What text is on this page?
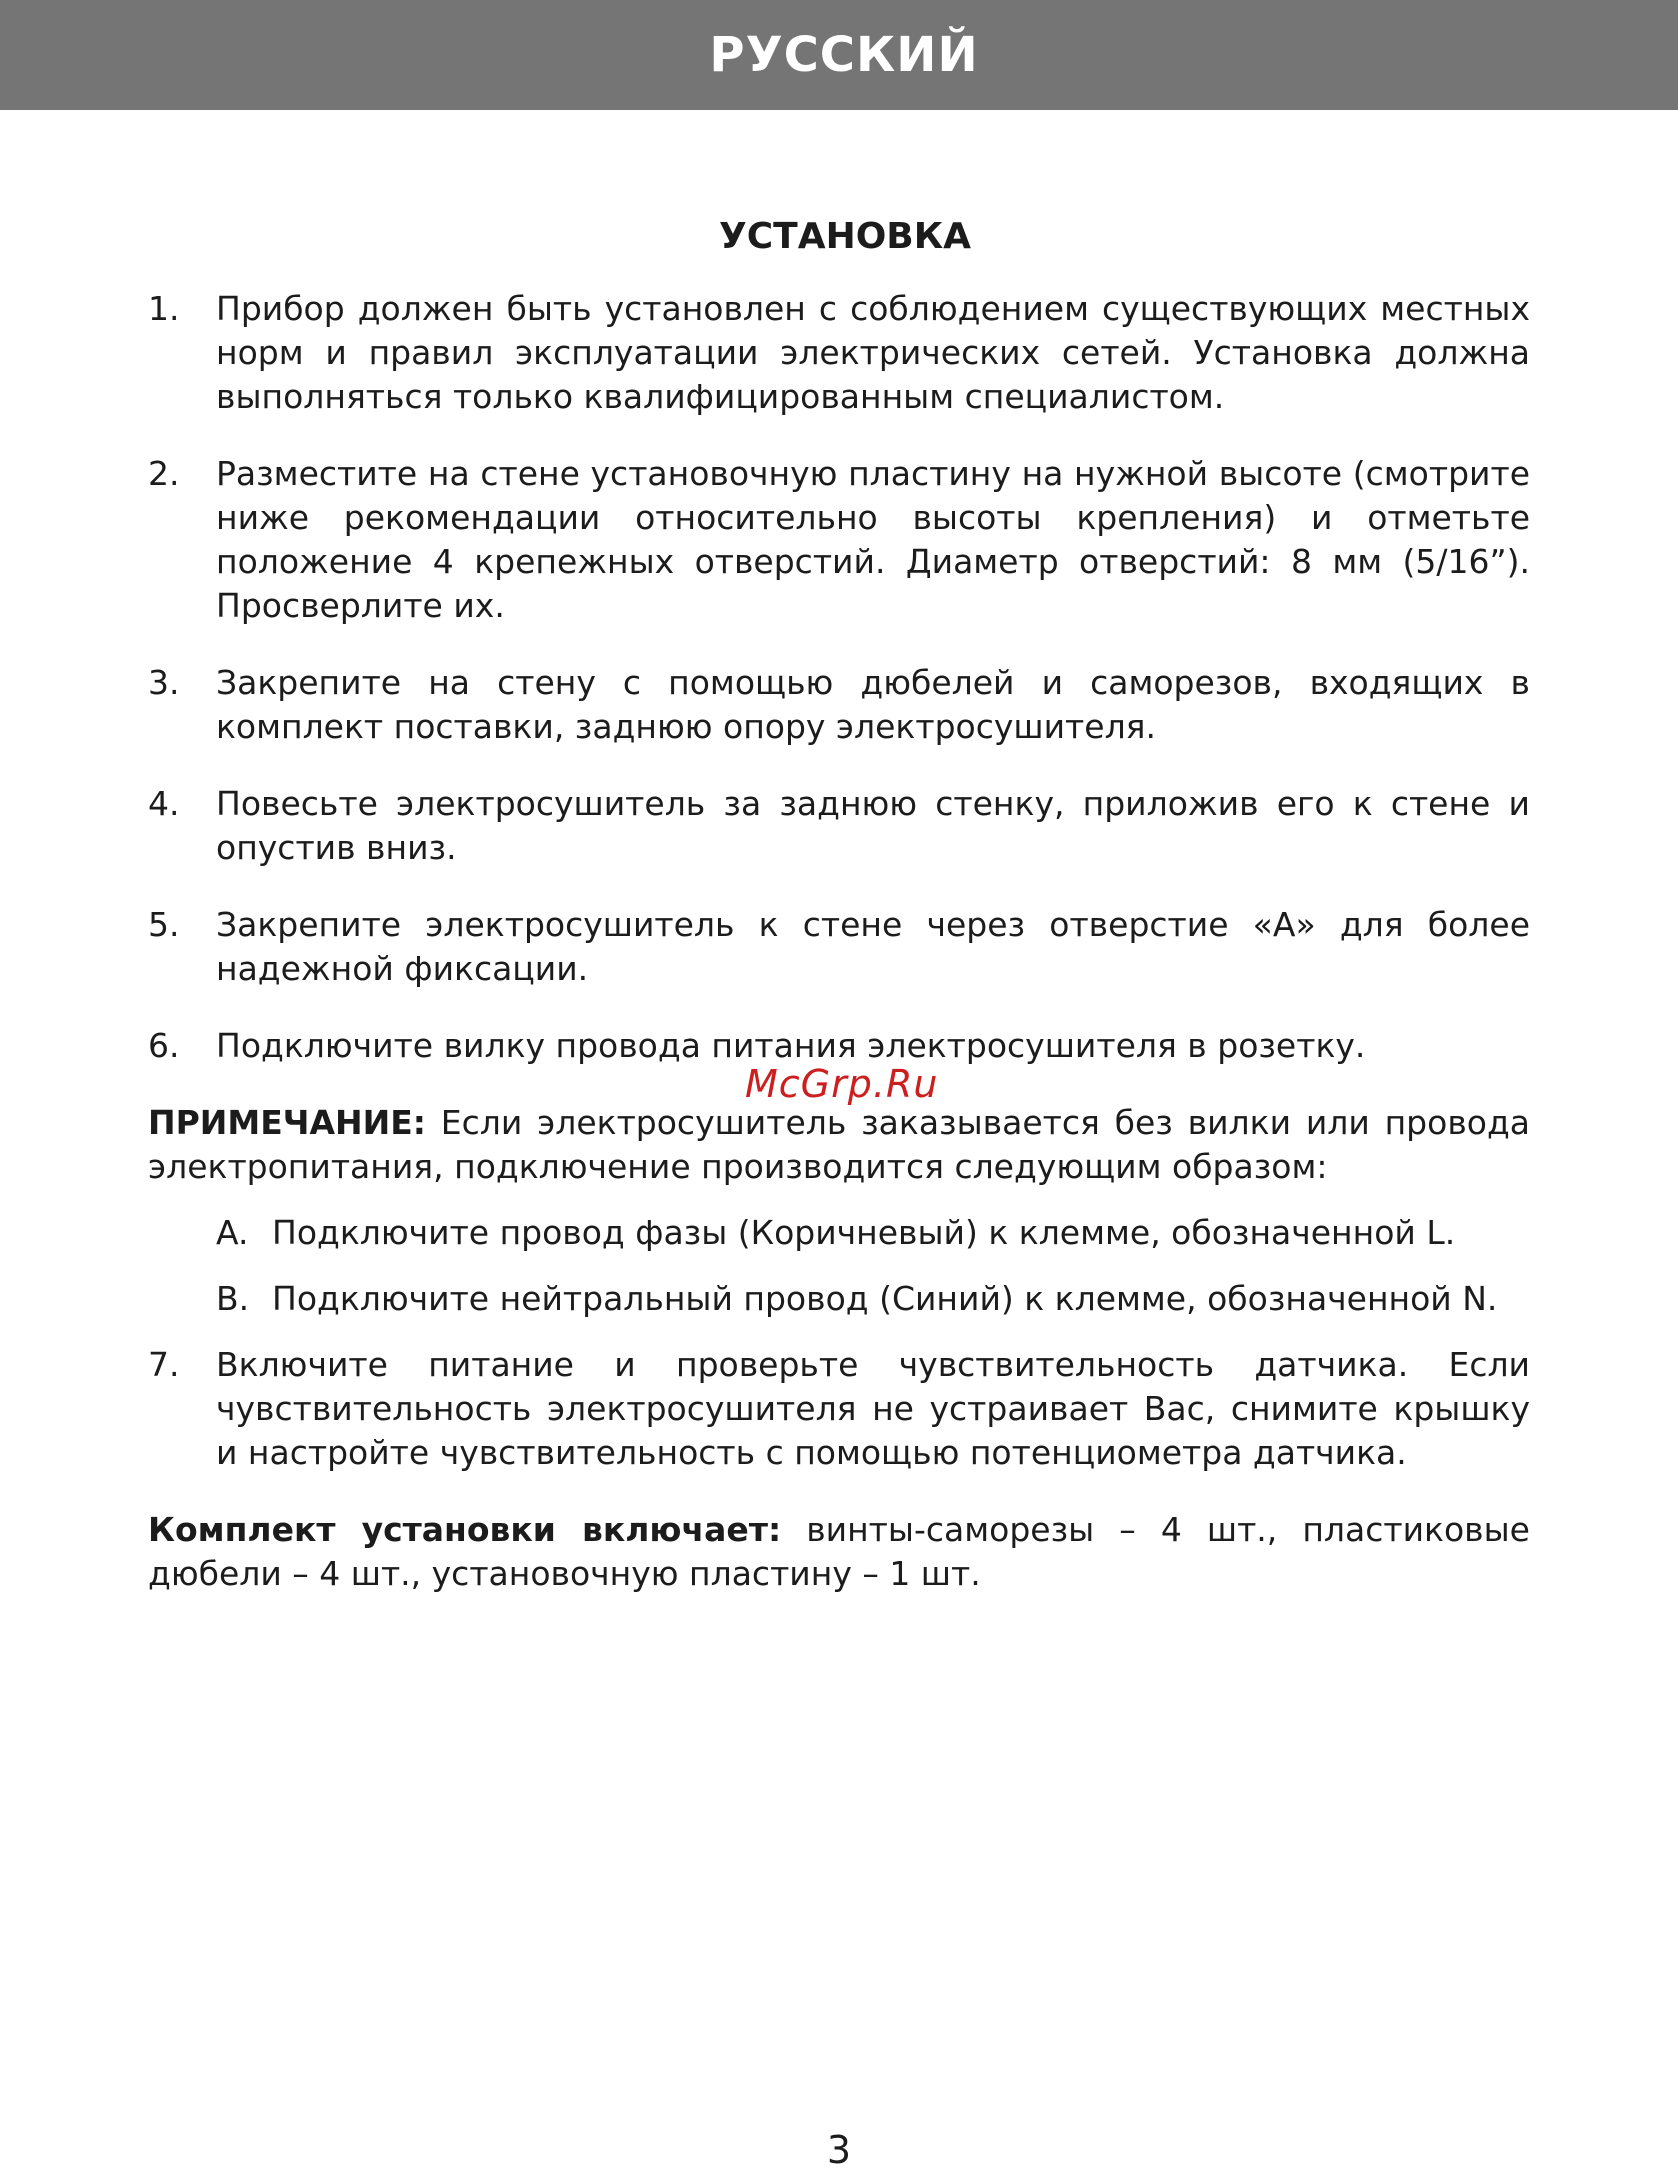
РУССКИЙ
УСТАНОВКА
1.	Прибор должен быть установлен с соблюдением существующих местных норм и правил эксплуатации электрических сетей. Установка должна выполняться только квалифицированным специалистом.
2.	Разместите на стене установочную пластину на нужной высоте (смотрите ниже рекомендации относительно высоты крепления) и отметьте положение 4 крепежных отверстий. Диаметр отверстий: 8 мм (5/16”). Просверлите их.
3.	Закрепите на стену с помощью дюбелей и саморезов, входящих в комплект поставки, заднюю опору электросушителя.
4.	Повесьте электросушитель за заднюю стенку, приложив его к стене и опустив вниз.
5.	Закрепите электросушитель к стене через отверстие «А» для более надежной фиксации.
6.	Подключите вилку провода питания электросушителя в розетку.

ПРИМЕЧАНИЕ: Если электросушитель заказывается без вилки или провода электропитания, подключение производится следующим образом:

A. Подключите провод фазы (Коричневый) к клемме, обозначенной L.
B. Подключите нейтральный провод (Синий) к клемме, обозначенной N.
7.	Включите питание и проверьте чувствительность датчика. Если чувствительность электросушителя не устраивает Вас, снимите крышку и настройте чувствительность с помощью потенциометра датчика.

Комплект установки включает: винты-саморезы – 4 шт., пластиковые дюбели – 4 шт., установочную пластину – 1 шт.

McGrp.Ru
3
